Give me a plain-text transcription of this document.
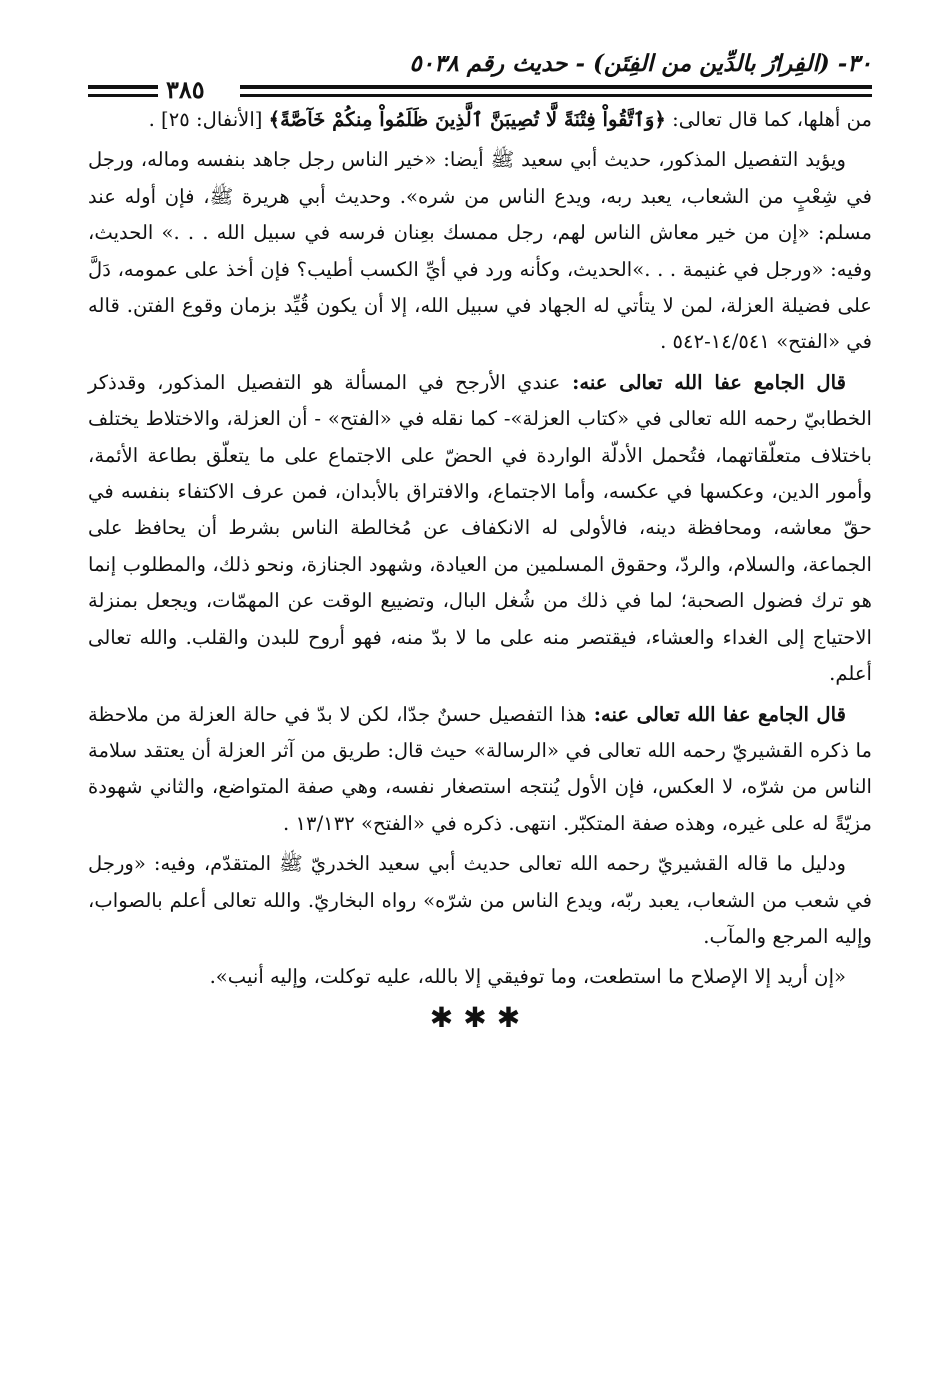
٣٠- (الفِرارُ بالدِّين من الفِتَن) - حديث رقم ٥٠٣٨
٣٨٥

من أهلها، كما قال تعالى: ﴿وَٱتَّقُواْ فِتْنَةً لَّا تُصِيبَنَّ ٱلَّذِينَ ظَلَمُواْ مِنكُمْ خَآصَّةً﴾ [الأنفال: ٢٥] .

ويؤيد التفصيل المذكور، حديث أبي سعيد ﷺ أيضا: «خير الناس رجل جاهد بنفسه وماله، ورجل في شِعْبٍ من الشعاب، يعبد ربه، ويدع الناس من شره». وحديث أبي هريرة ﷺ، فإن أوله عند مسلم: «إن من خير معاش الناس لهم، رجل ممسك بعِنان فرسه في سبيل الله . . .» الحديث، وفيه: «ورجل في غنيمة . . .»الحديث، وكأنه ورد في أيِّ الكسب أطيب؟ فإن أخذ على عمومه، دَلَّ على فضيلة العزلة، لمن لا يتأتي له الجهاد في سبيل الله، إلا أن يكون قُيِّد بزمان وقوع الفتن. قاله في «الفتح» ١٤/٥٤١-٥٤٢ .

قال الجامع عفا الله تعالى عنه: عندي الأرجح في المسألة هو التفصيل المذكور، وقدذكر الخطابيّ رحمه الله تعالى في «كتاب العزلة»- كما نقله في «الفتح» - أن العزلة، والاختلاط يختلف باختلاف متعلّقاتهما، فتُحمل الأدلّة الواردة في الحضّ على الاجتماع على ما يتعلّق بطاعة الأئمة، وأمور الدين، وعكسها في عكسه، وأما الاجتماع، والافتراق بالأبدان، فمن عرف الاكتفاء بنفسه في حقّ معاشه، ومحافظة دينه، فالأولى له الانكفاف عن مُخالطة الناس بشرط أن يحافظ على الجماعة، والسلام، والردّ، وحقوق المسلمين من العيادة، وشهود الجنازة، ونحو ذلك، والمطلوب إنما هو ترك فضول الصحبة؛ لما في ذلك من شُغل البال، وتضييع الوقت عن المهمّات، ويجعل بمنزلة الاحتياج إلى الغداء والعشاء، فيقتصر منه على ما لا بدّ منه، فهو أروح للبدن والقلب. والله تعالى أعلم.

قال الجامع عفا الله تعالى عنه: هذا التفصيل حسنٌ جدّا، لكن لا بدّ في حالة العزلة من ملاحظة ما ذكره القشيريّ رحمه الله تعالى في «الرسالة» حيث قال: طريق من آثر العزلة أن يعتقد سلامة الناس من شرّه، لا العكس، فإن الأول يُنتجه استصغار نفسه، وهي صفة المتواضع، والثاني شهودة مزيّةً له على غيره، وهذه صفة المتكبّر. انتهى. ذكره في «الفتح» ١٣/١٣٢ .

ودليل ما قاله القشيريّ رحمه الله تعالى حديث أبي سعيد الخدريّ ﷺ المتقدّم، وفيه: «ورجل في شعب من الشعاب، يعبد ربّه، ويدع الناس من شرّه» رواه البخاريّ. والله تعالى أعلم بالصواب، وإليه المرجع والمآب.

«إن أريد إلا الإصلاح ما استطعت، وما توفيقي إلا بالله، عليه توكلت، وإليه أنيب».

✱✱✱
